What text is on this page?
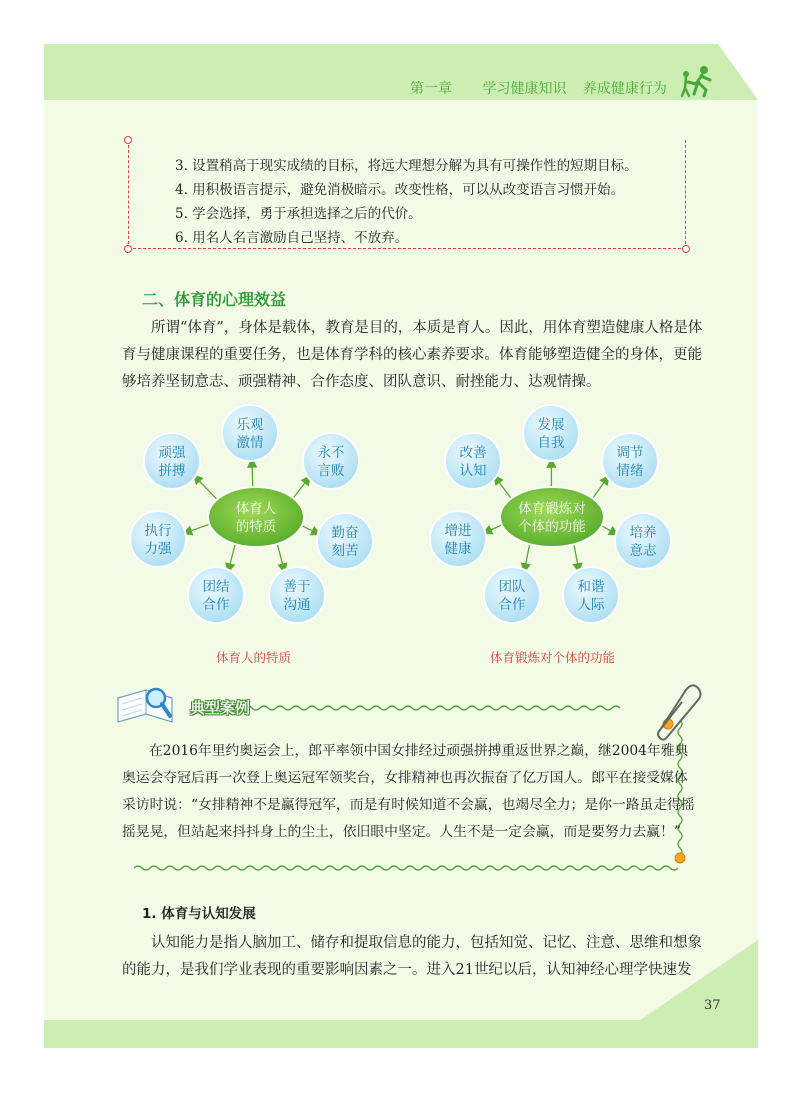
第一章 学习健康知识 养成健康行为
3. 设置稍高于现实成绩的目标，将远大理想分解为具有可操作性的短期目标。
4. 用积极语言提示，避免消极暗示。改变性格，可以从改变语言习惯开始。
5. 学会选择，勇于承担选择之后的代价。
6. 用名人名言激励自己坚持、不放弃。
二、体育的心理效益
所谓“体育”，身体是载体，教育是目的，本质是育人。因此，用体育塑造健康人格是体育与健康课程的重要任务，也是体育学科的核心素养要求。体育能够塑造健全的身体，更能够培养坚韧意志、顽强精神、合作态度、团队意识、耐挫能力、达观情操。
体育人
的特质
乐观
激情
永不
言败
勤奋
刻苦
善于
沟通
团结
合作
执行
力强
顽强
拼搏
体育锻炼对
个体的功能
发展
自我
调节
情绪
培养
意志
和谐
人际
团队
合作
增进
健康
改善
认知
体育人的特质	体育锻炼对个体的功能
典型案例
在2016年里约奥运会上，郎平率领中国女排经过顽强拼搏重返世界之巅，继2004年雅典奥运会夺冠后再一次登上奥运冠军领奖台，女排精神也再次振奋了亿万国人。郎平在接受媒体采访时说：“女排精神不是赢得冠军，而是有时候知道不会赢，也竭尽全力；是你一路虽走得摇摇晃晃，但站起来抖抖身上的尘土，依旧眼中坚定。人生不是一定会赢，而是要努力去赢！”
1. 体育与认知发展
认知能力是指人脑加工、储存和提取信息的能力，包括知觉、记忆、注意、思维和想象的能力，是我们学业表现的重要影响因素之一。进入21世纪以后，认知神经心理学快速发
37
